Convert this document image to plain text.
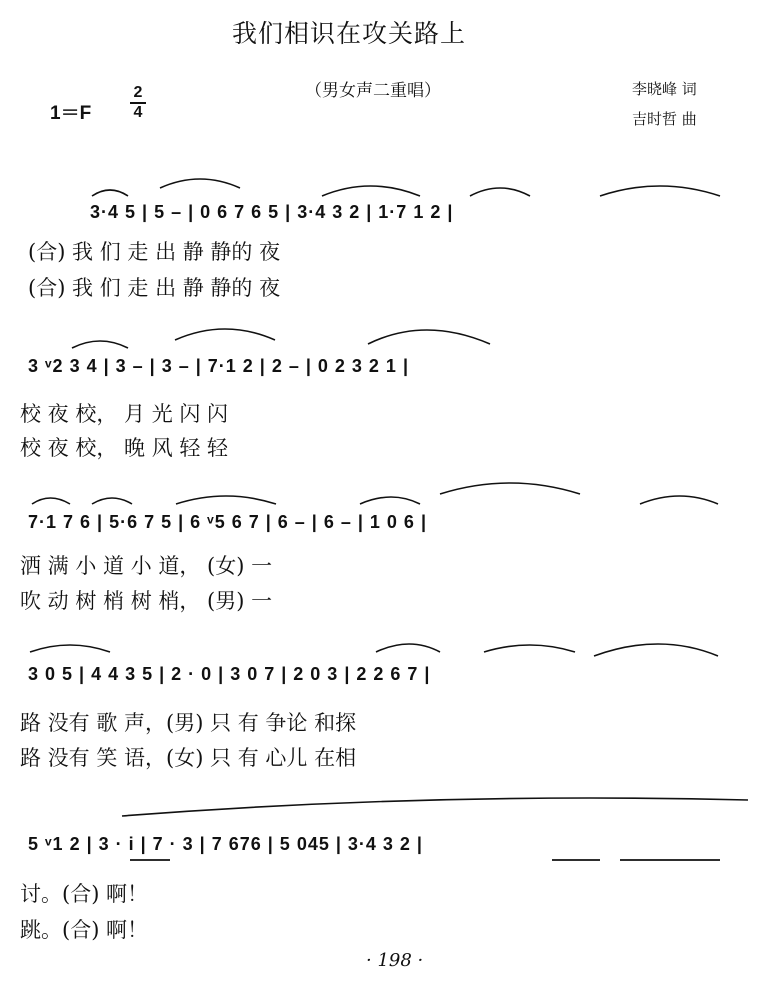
我们相识在攻关路上
1＝F
2
4
（男女声二重唱）	李晓峰 词
吉时哲 曲
3·4 5 | 5 – | 0 6 7 6 5 | 3·4 3 2 | 1·7 1 2 |
(合) 我 们 走 出 静 静的 夜
(合) 我 们 走 出 静 静的 夜
3 ᵛ2 3 4 | 3 – | 3 – | 7·1 2 | 2 – | 0 2 3 2 1 |
校 夜 校， 月 光 闪 闪
校 夜 校， 晚 风 轻 轻
7·1 7 6 | 5·6 7 5 | 6 ᵛ5 6 7 | 6 – | 6 – | 1 0 6 |
洒 满 小 道 小 道， (女) 一
吹 动 树 梢 树 梢， (男) 一
3 0 5 | 4 4 3 5 | 2 · 0 | 3 0 7 | 2 0 3 | 2 2 6 7 |
路 没有 歌 声，(男) 只 有 争论 和探
路 没有 笑 语，(女) 只 有 心儿 在相
5 ᵛ1 2 | 3 · i | 7 · 3 | 7 676 | 5 045 | 3·4 3 2 |
讨。(合) 啊！
跳。(合) 啊！
· 198 ·
